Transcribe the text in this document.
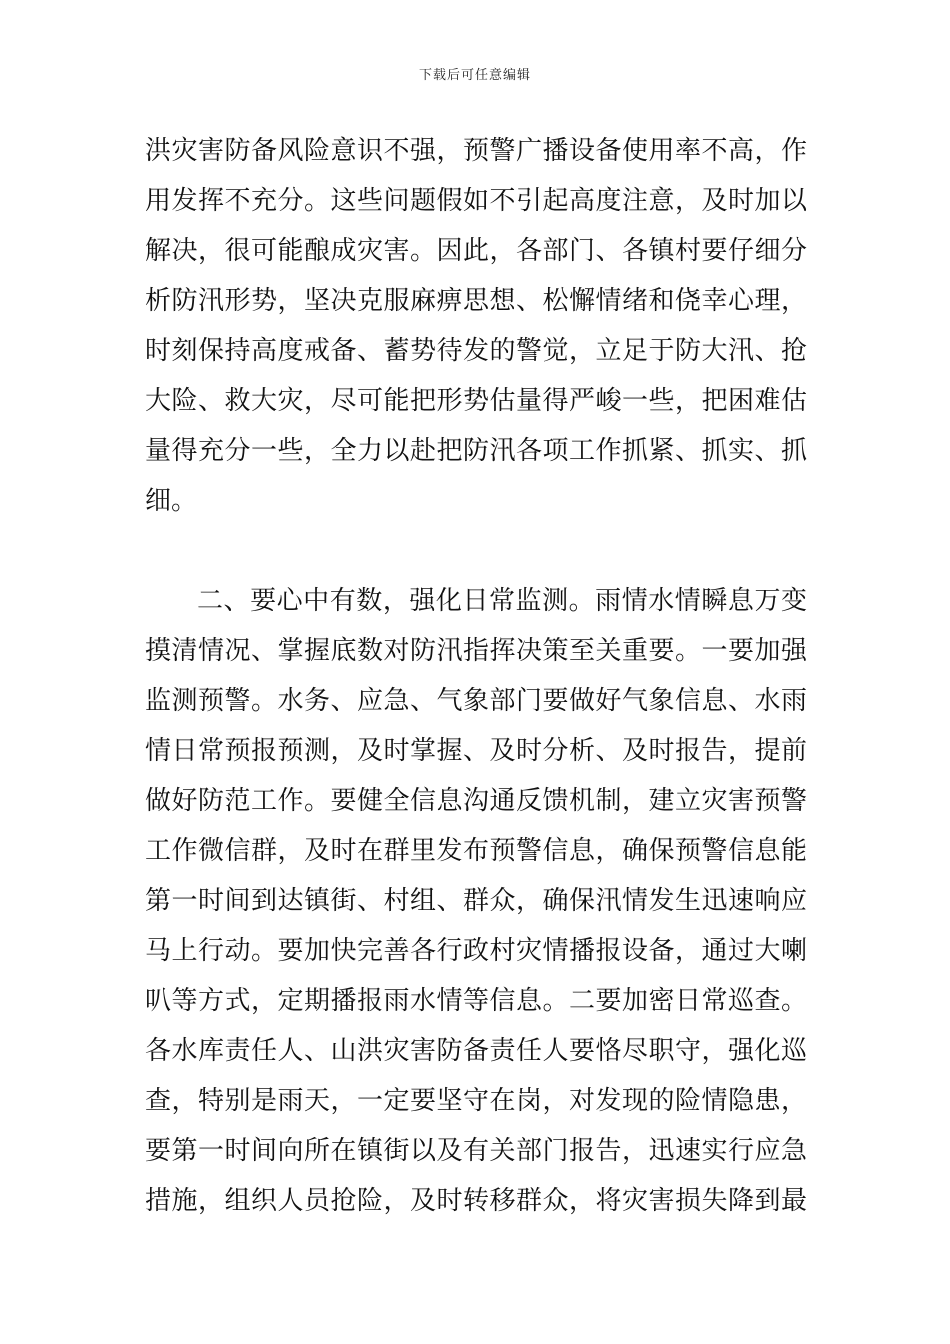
下载后可任意编辑
洪灾害防备风险意识不强，预警广播设备使用率不高，作
用发挥不充分。这些问题假如不引起高度注意，及时加以
解决，很可能酿成灾害。因此，各部门、各镇村要仔细分
析防汛形势，坚决克服麻痹思想、松懈情绪和侥幸心理，
时刻保持高度戒备、蓄势待发的警觉，立足于防大汛、抢
大险、救大灾，尽可能把形势估量得严峻一些，把困难估
量得充分一些，全力以赴把防汛各项工作抓紧、抓实、抓
细。
二、要心中有数，强化日常监测。雨情水情瞬息万变
摸清情况、掌握底数对防汛指挥决策至关重要。一要加强
监测预警。水务、应急、气象部门要做好气象信息、水雨
情日常预报预测，及时掌握、及时分析、及时报告，提前
做好防范工作。要健全信息沟通反馈机制，建立灾害预警
工作微信群，及时在群里发布预警信息，确保预警信息能
第一时间到达镇街、村组、群众，确保汛情发生迅速响应
马上行动。要加快完善各行政村灾情播报设备，通过大喇
叭等方式，定期播报雨水情等信息。二要加密日常巡查。
各水库责任人、山洪灾害防备责任人要恪尽职守，强化巡
查，特别是雨天，一定要坚守在岗，对发现的险情隐患，
要第一时间向所在镇街以及有关部门报告，迅速实行应急
措施，组织人员抢险，及时转移群众，将灾害损失降到最
